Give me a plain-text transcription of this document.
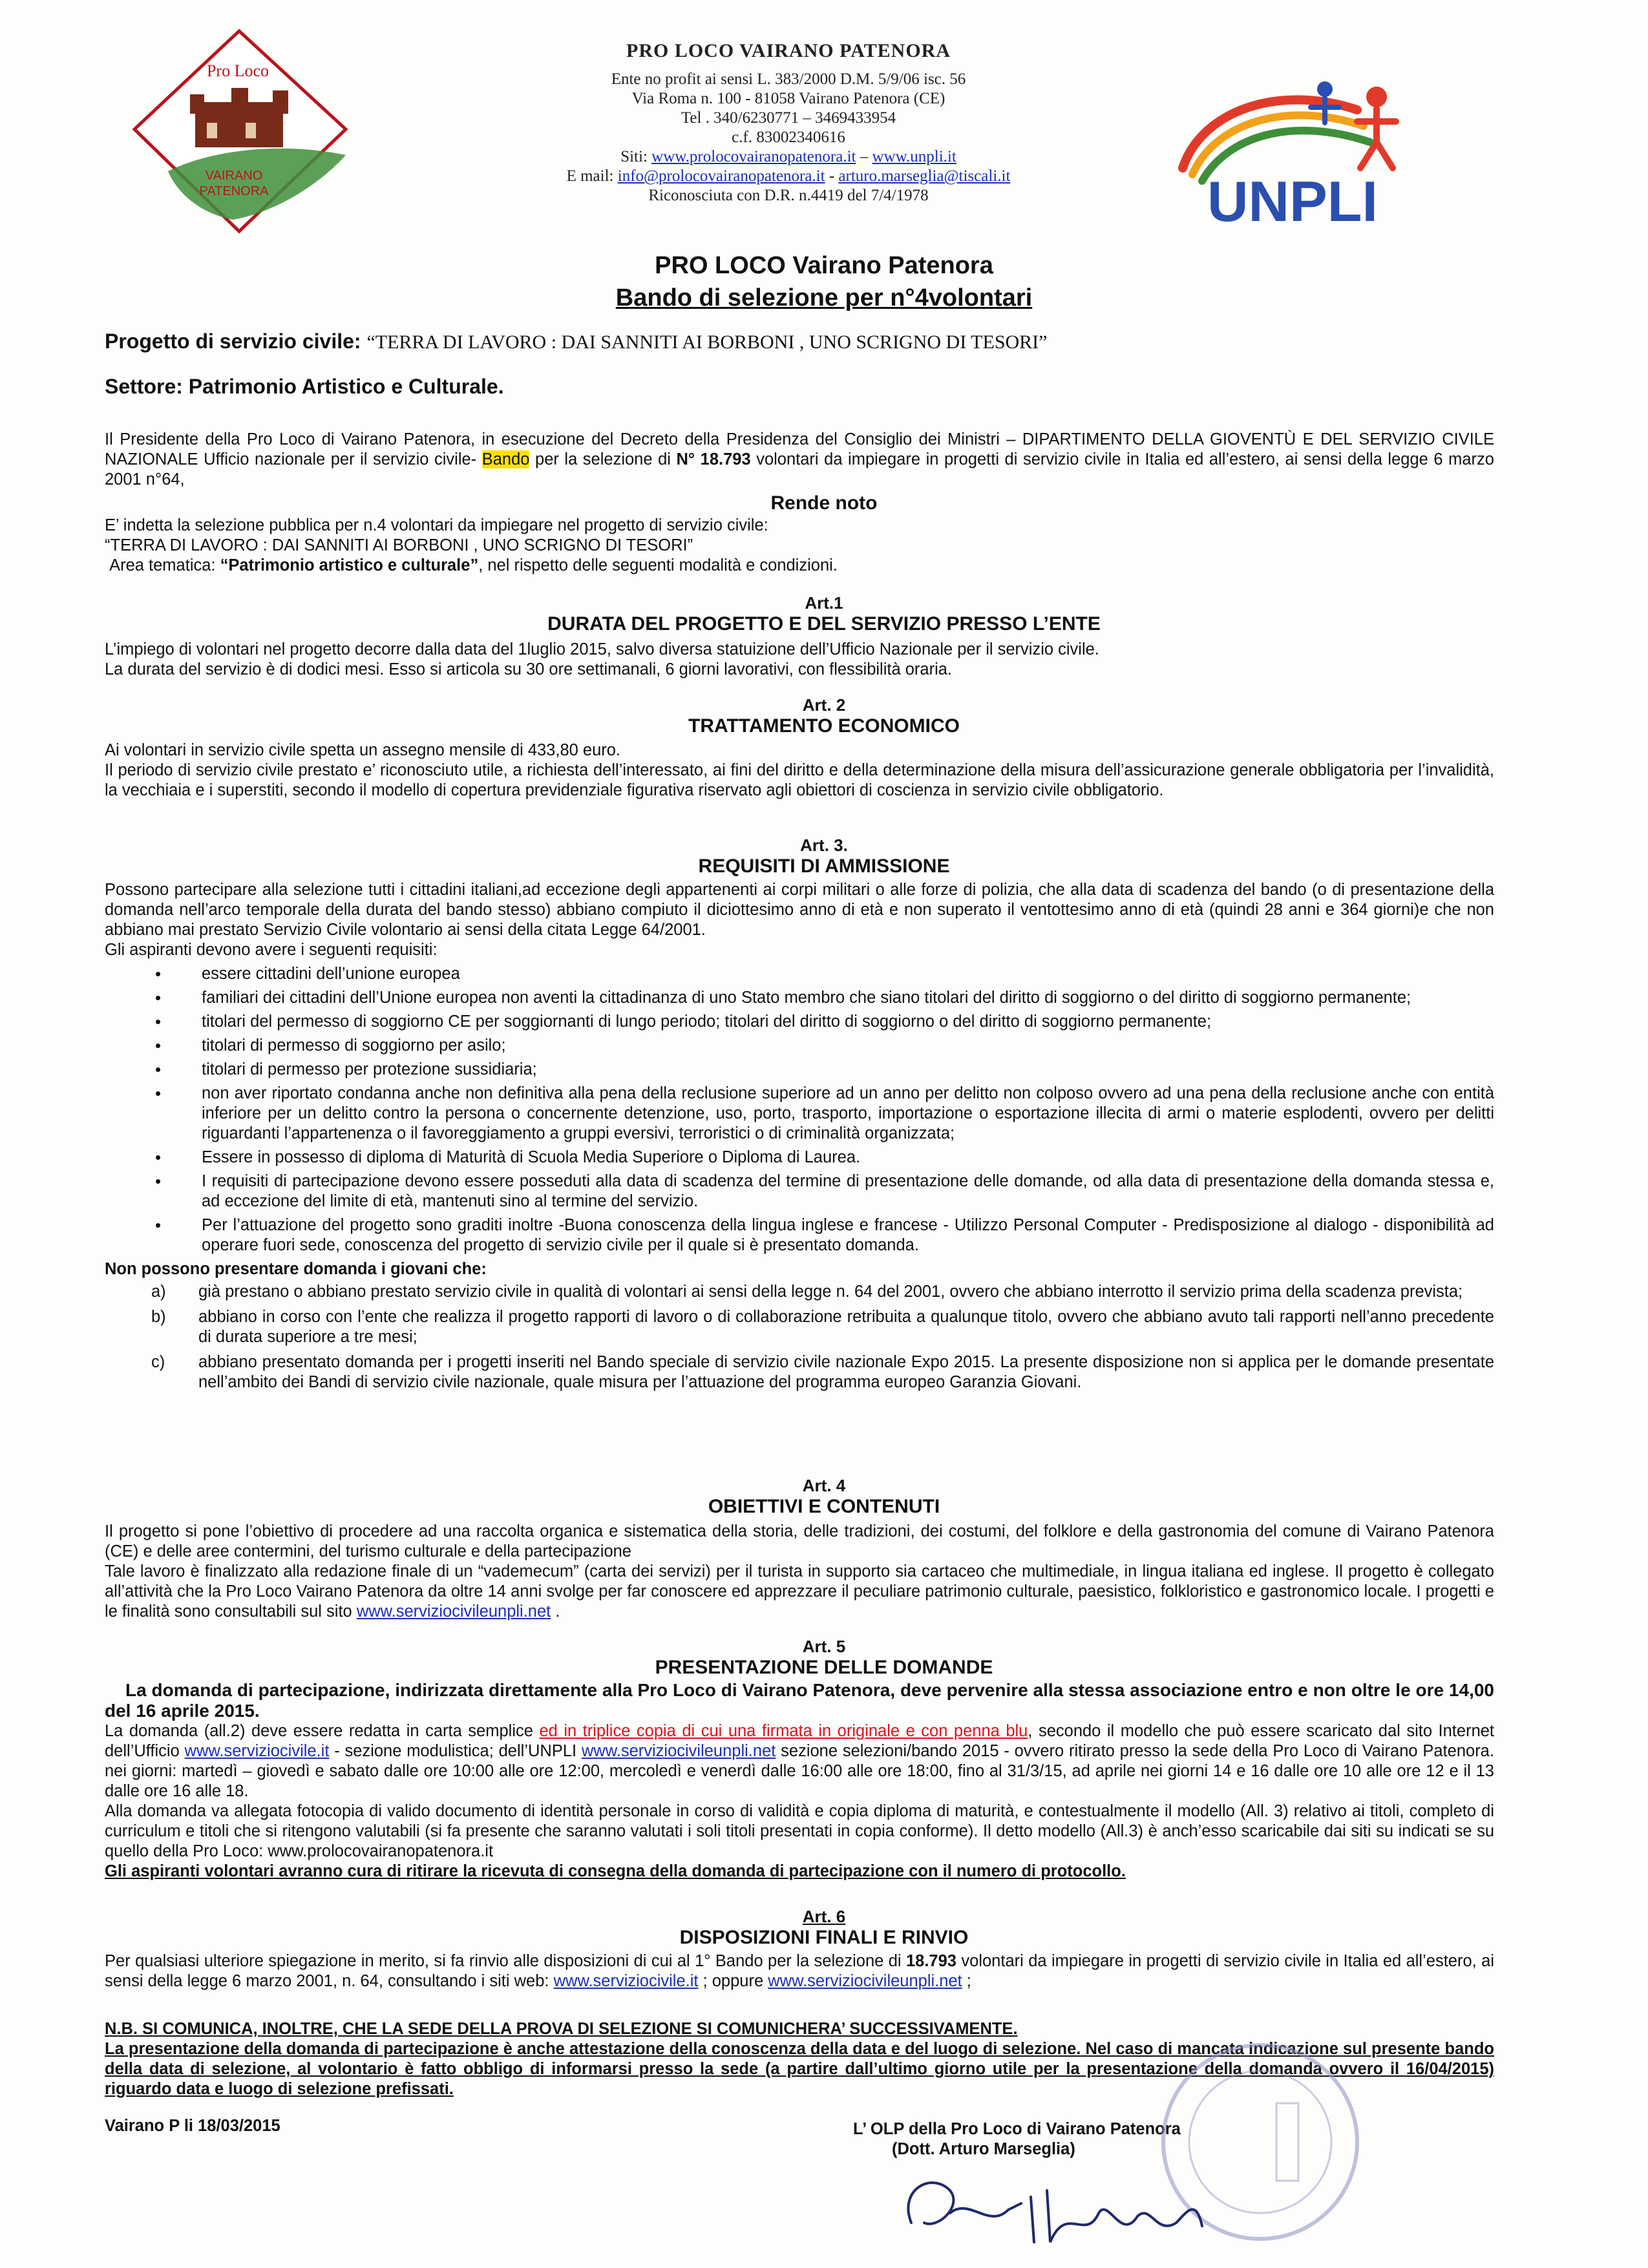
Pro Loco
VAIRANO
PATENORA	UNPLI
PRO LOCO VAIRANO PATENORA
Ente no profit ai sensi L. 383/2000 D.M. 5/9/06 isc. 56
Via Roma n. 100 - 81058 Vairano Patenora (CE)
Tel . 340/6230771 – 3469433954
c.f. 83002340616
Siti: www.prolocovairanopatenora.it – www.unpli.it
E mail: info@prolocovairanopatenora.it - arturo.marseglia@tiscali.it
Riconosciuta con D.R. n.4419 del 7/4/1978
PRO LOCO Vairano Patenora
Bando di selezione per n°4volontari
Progetto di servizio civile: “TERRA DI LAVORO : DAI SANNITI AI BORBONI , UNO SCRIGNO DI TESORI”
Settore: Patrimonio Artistico e Culturale.
Il Presidente della Pro Loco di Vairano Patenora, in esecuzione del Decreto della Presidenza del Consiglio dei Ministri – DIPARTIMENTO DELLA GIOVENTÙ E DEL SERVIZIO CIVILE NAZIONALE Ufficio nazionale per il servizio civile- Bando per la selezione di N° 18.793 volontari da impiegare in progetti di servizio civile in Italia ed all’estero, ai sensi della legge 6 marzo 2001 n°64,
Rende noto

E’ indetta la selezione pubblica per n.4 volontari da impiegare nel progetto di servizio civile:

“TERRA DI LAVORO : DAI SANNITI AI BORBONI , UNO SCRIGNO DI TESORI”

Area tematica: “Patrimonio artistico e culturale”, nel rispetto delle seguenti modalità e condizioni.

Art.1
DURATA DEL PROGETTO E DEL SERVIZIO PRESSO L’ENTE

L’impiego di volontari nel progetto decorre dalla data del 1luglio 2015, salvo diversa statuizione dell’Ufficio Nazionale per il servizio civile.

La durata del servizio è di dodici mesi. Esso si articola su 30 ore settimanali, 6 giorni lavorativi, con flessibilità oraria.

Art. 2
TRATTAMENTO ECONOMICO

Ai volontari in servizio civile spetta un assegno mensile di 433,80 euro.

Il periodo di servizio civile prestato e’ riconosciuto utile, a richiesta dell’interessato, ai fini del diritto e della determinazione della misura dell’assicurazione generale obbligatoria per l’invalidità, la vecchiaia e i superstiti, secondo il modello di copertura previdenziale figurativa riservato agli obiettori di coscienza in servizio civile obbligatorio.

Art. 3.
REQUISITI DI AMMISSIONE

Possono partecipare alla selezione tutti i cittadini italiani,ad eccezione degli appartenenti ai corpi militari o alle forze di polizia, che alla data di scadenza del bando (o di presentazione della domanda nell’arco temporale della durata del bando stesso) abbiano compiuto il diciottesimo anno di età e non superato il ventottesimo anno di età (quindi 28 anni e 364 giorni)e che non abbiano mai prestato Servizio Civile volontario ai sensi della citata Legge 64/2001.

Gli aspiranti devono avere i seguenti requisiti:

• essere cittadini dell’unione europea
• familiari dei cittadini dell’Unione europea non aventi la cittadinanza di uno Stato membro che siano titolari del diritto di soggiorno o del diritto di soggiorno permanente;
• titolari del permesso di soggiorno CE per soggiornanti di lungo periodo; titolari del diritto di soggiorno o del diritto di soggiorno permanente;
• titolari di permesso di soggiorno per asilo;
• titolari di permesso per protezione sussidiaria;
• non aver riportato condanna anche non definitiva alla pena della reclusione superiore ad un anno per delitto non colposo ovvero ad una pena della reclusione anche con entità inferiore per un delitto contro la persona o concernente detenzione, uso, porto, trasporto, importazione o esportazione illecita di armi o materie esplodenti, ovvero per delitti riguardanti l’appartenenza o il favoreggiamento a gruppi eversivi, terroristici o di criminalità organizzata;
• Essere in possesso di diploma di Maturità di Scuola Media Superiore o Diploma di Laurea.
• I requisiti di partecipazione devono essere posseduti alla data di scadenza del termine di presentazione delle domande, od alla data di presentazione della domanda stessa e, ad eccezione del limite di età, mantenuti sino al termine del servizio.
• Per l’attuazione del progetto sono graditi inoltre -Buona conoscenza della lingua inglese e francese - Utilizzo Personal Computer - Predisposizione al dialogo - disponibilità ad operare fuori sede, conoscenza del progetto di servizio civile per il quale si è presentato domanda.

Non possono presentare domanda i giovani che:

a) già prestano o abbiano prestato servizio civile in qualità di volontari ai sensi della legge n. 64 del 2001, ovvero che abbiano interrotto il servizio prima della scadenza prevista;
b) abbiano in corso con l’ente che realizza il progetto rapporti di lavoro o di collaborazione retribuita a qualunque titolo, ovvero che abbiano avuto tali rapporti nell’anno precedente di durata superiore a tre mesi;
c) abbiano presentato domanda per i progetti inseriti nel Bando speciale di servizio civile nazionale Expo 2015. La presente disposizione non si applica per le domande presentate nell’ambito dei Bandi di servizio civile nazionale, quale misura per l’attuazione del programma europeo Garanzia Giovani.
Art. 4
OBIETTIVI E CONTENUTI

Il progetto si pone l’obiettivo di procedere ad una raccolta organica e sistematica della storia, delle tradizioni, dei costumi, del folklore e della gastronomia del comune di Vairano Patenora (CE) e delle aree contermini, del turismo culturale e della partecipazione

Tale lavoro è finalizzato alla redazione finale di un “vademecum” (carta dei servizi) per il turista in supporto sia cartaceo che multimediale, in lingua italiana ed inglese. Il progetto è collegato all’attività che la Pro Loco Vairano Patenora da oltre 14 anni svolge per far conoscere ed apprezzare il peculiare patrimonio culturale, paesistico, folkloristico e gastronomico locale. I progetti e le finalità sono consultabili sul sito www.serviziocivileunpli.net .

Art. 5
PRESENTAZIONE DELLE DOMANDE

La domanda di partecipazione, indirizzata direttamente alla Pro Loco di Vairano Patenora, deve pervenire alla stessa associazione entro e non oltre le ore 14,00 del 16 aprile 2015.

La domanda (all.2) deve essere redatta in carta semplice ed in triplice copia di cui una firmata in originale e con penna blu, secondo il modello che può essere scaricato dal sito Internet dell’Ufficio www.serviziocivile.it - sezione modulistica; dell’UNPLI www.serviziocivileunpli.net sezione selezioni/bando 2015 - ovvero ritirato presso la sede della Pro Loco di Vairano Patenora. nei giorni: martedì – giovedì e sabato dalle ore 10:00 alle ore 12:00, mercoledì e venerdì dalle 16:00 alle ore 18:00, fino al 31/3/15, ad aprile nei giorni 14 e 16 dalle ore 10 alle ore 12 e il 13 dalle ore 16 alle 18.

Alla domanda va allegata fotocopia di valido documento di identità personale in corso di validità e copia diploma di maturità, e contestualmente il modello (All. 3) relativo ai titoli, completo di curriculum e titoli che si ritengono valutabili (si fa presente che saranno valutati i soli titoli presentati in copia conforme). Il detto modello (All.3) è anch’esso scaricabile dai siti su indicati se su quello della Pro Loco: www.prolocovairanopatenora.it

Gli aspiranti volontari avranno cura di ritirare la ricevuta di consegna della domanda di partecipazione con il numero di protocollo.

Art. 6
DISPOSIZIONI FINALI E RINVIO

Per qualsiasi ulteriore spiegazione in merito, si fa rinvio alle disposizioni di cui al 1° Bando per la selezione di 18.793 volontari da impiegare in progetti di servizio civile in Italia ed all’estero, ai sensi della legge 6 marzo 2001, n. 64, consultando i siti web: www.serviziocivile.it ; oppure www.serviziocivileunpli.net ;

N.B. SI COMUNICA, INOLTRE, CHE LA SEDE DELLA PROVA DI SELEZIONE SI COMUNICHERA’ SUCCESSIVAMENTE.

La presentazione della domanda di partecipazione è anche attestazione della conoscenza della data e del luogo di selezione. Nel caso di mancata indicazione sul presente bando della data di selezione, al volontario è fatto obbligo di informarsi presso la sede (a partire dall’ultimo giorno utile per la presentazione della domanda ovvero il 16/04/2015) riguardo data e luogo di selezione prefissati.

Vairano P li 18/03/2015	L’ OLP della Pro Loco di Vairano Patenora
(Dott. Arturo Marseglia)
